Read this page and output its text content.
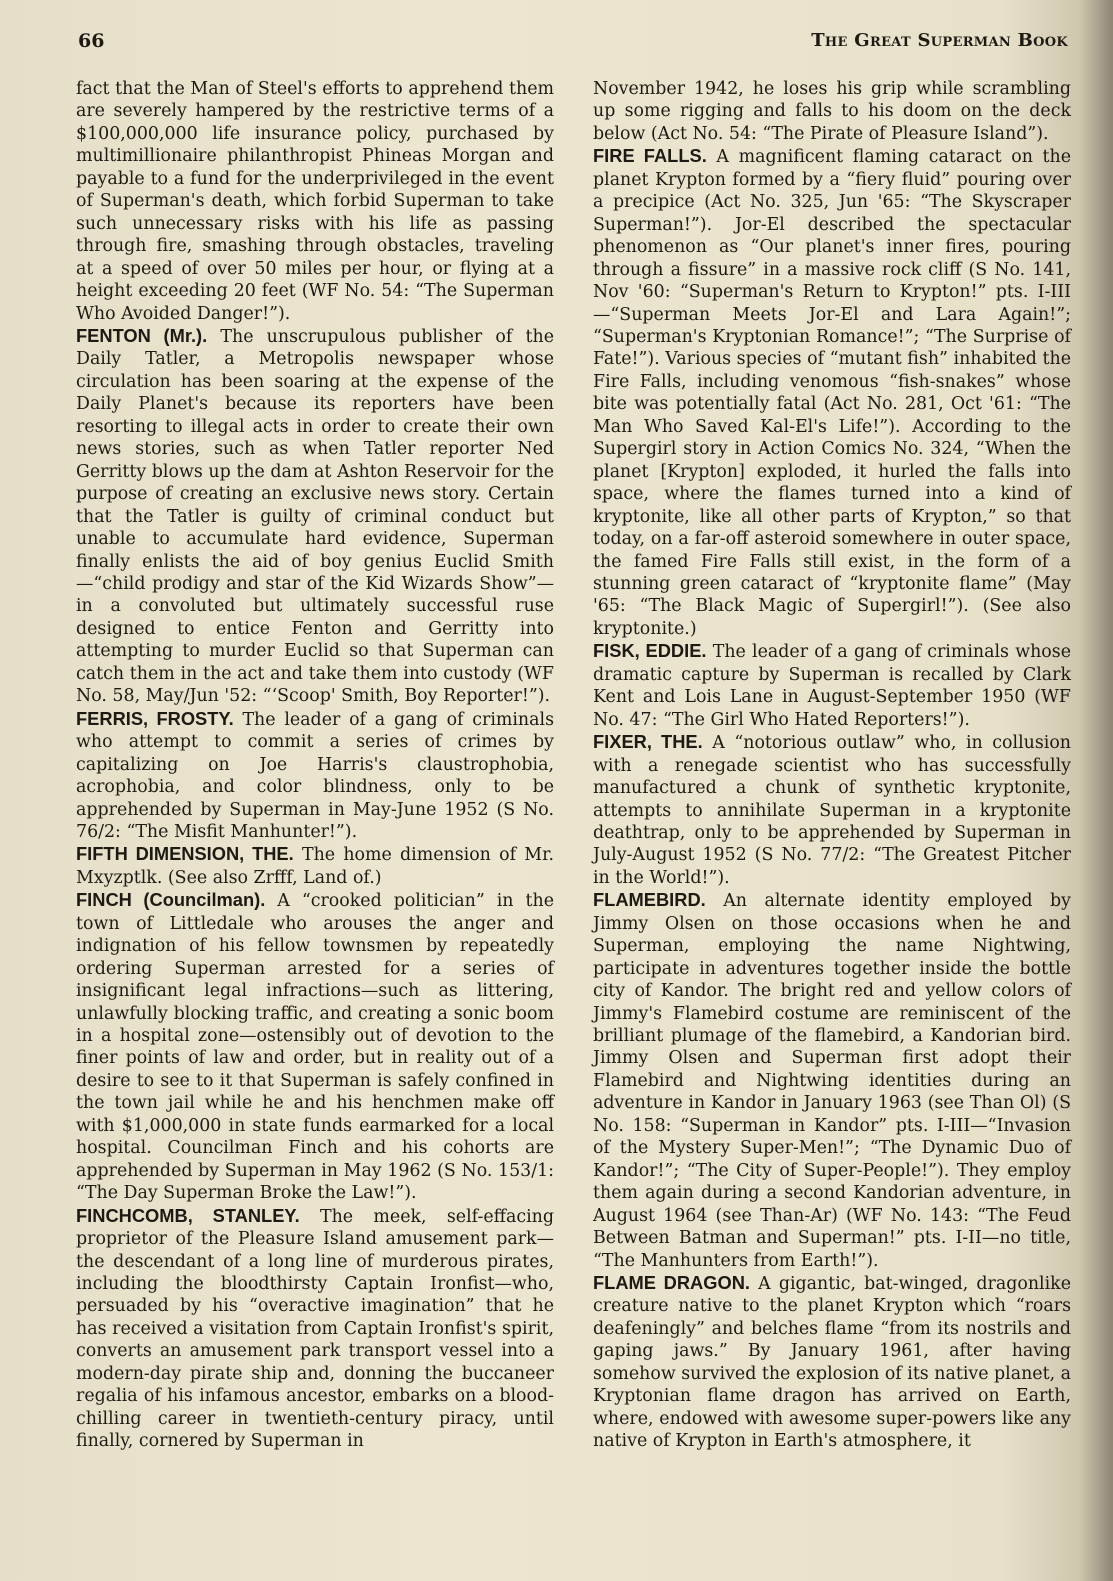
66	The Great Superman Book

fact that the Man of Steel's efforts to apprehend them are severely hampered by the restrictive terms of a $100,000,000 life insurance policy, purchased by multimillionaire philanthropist Phineas Morgan and payable to a fund for the underprivileged in the event of Superman's death, which forbid Superman to take such unnecessary risks with his life as passing through fire, smashing through obstacles, traveling at a speed of over 50 miles per hour, or flying at a height exceeding 20 feet (WF No. 54: “The Superman Who Avoided Danger!”).

FENTON (Mr.). The unscrupulous publisher of the Daily Tatler, a Metropolis newspaper whose circulation has been soaring at the expense of the Daily Planet's because its reporters have been resorting to illegal acts in order to create their own news stories, such as when Tatler reporter Ned Gerritty blows up the dam at Ashton Reservoir for the purpose of creating an exclusive news story. Certain that the Tatler is guilty of criminal conduct but unable to accumulate hard evidence, Superman finally enlists the aid of boy genius Euclid Smith—“child prodigy and star of the Kid Wizards Show”—in a convoluted but ultimately successful ruse designed to entice Fenton and Gerritty into attempting to murder Euclid so that Superman can catch them in the act and take them into custody (WF No. 58, May/Jun '52: “‘Scoop' Smith, Boy Reporter!”).

FERRIS, FROSTY. The leader of a gang of criminals who attempt to commit a series of crimes by capitalizing on Joe Harris's claustrophobia, acrophobia, and color blindness, only to be apprehended by Superman in May-June 1952 (S No. 76/2: “The Misfit Manhunter!”).

FIFTH DIMENSION, THE. The home dimension of Mr. Mxyzptlk. (See also Zrfff, Land of.)

FINCH (Councilman). A “crooked politician” in the town of Littledale who arouses the anger and indignation of his fellow townsmen by repeatedly ordering Superman arrested for a series of insignificant legal infractions—such as littering, unlawfully blocking traffic, and creating a sonic boom in a hospital zone—ostensibly out of devotion to the finer points of law and order, but in reality out of a desire to see to it that Superman is safely confined in the town jail while he and his henchmen make off with $1,000,000 in state funds earmarked for a local hospital. Councilman Finch and his cohorts are apprehended by Superman in May 1962 (S No. 153/1: “The Day Superman Broke the Law!”).

FINCHCOMB, STANLEY. The meek, self-effacing proprietor of the Pleasure Island amusement park—the descendant of a long line of murderous pirates, including the bloodthirsty Captain Ironfist—who, persuaded by his “overactive imagination” that he has received a visitation from Captain Ironfist's spirit, converts an amusement park transport vessel into a modern-day pirate ship and, donning the buccaneer regalia of his infamous ancestor, embarks on a blood-chilling career in twentieth-century piracy, until finally, cornered by Superman in

November 1942, he loses his grip while scrambling up some rigging and falls to his doom on the deck below (Act No. 54: “The Pirate of Pleasure Island”).

FIRE FALLS. A magnificent flaming cataract on the planet Krypton formed by a “fiery fluid” pouring over a precipice (Act No. 325, Jun '65: “The Skyscraper Superman!”). Jor-El described the spectacular phenomenon as “Our planet's inner fires, pouring through a fissure” in a massive rock cliff (S No. 141, Nov '60: “Superman's Return to Krypton!” pts. I-III—“Superman Meets Jor-El and Lara Again!”; “Superman's Kryptonian Romance!”; “The Surprise of Fate!”). Various species of “mutant fish” inhabited the Fire Falls, including venomous “fish-snakes” whose bite was potentially fatal (Act No. 281, Oct '61: “The Man Who Saved Kal-El's Life!”). According to the Supergirl story in Action Comics No. 324, “When the planet [Krypton] exploded, it hurled the falls into space, where the flames turned into a kind of kryptonite, like all other parts of Krypton,” so that today, on a far-off asteroid somewhere in outer space, the famed Fire Falls still exist, in the form of a stunning green cataract of “kryptonite flame” (May '65: “The Black Magic of Supergirl!”). (See also kryptonite.)

FISK, EDDIE. The leader of a gang of criminals whose dramatic capture by Superman is recalled by Clark Kent and Lois Lane in August-September 1950 (WF No. 47: “The Girl Who Hated Reporters!”).

FIXER, THE. A “notorious outlaw” who, in collusion with a renegade scientist who has successfully manufactured a chunk of synthetic kryptonite, attempts to annihilate Superman in a kryptonite deathtrap, only to be apprehended by Superman in July-August 1952 (S No. 77/2: “The Greatest Pitcher in the World!”).

FLAMEBIRD. An alternate identity employed by Jimmy Olsen on those occasions when he and Superman, employing the name Nightwing, participate in adventures together inside the bottle city of Kandor. The bright red and yellow colors of Jimmy's Flamebird costume are reminiscent of the brilliant plumage of the flamebird, a Kandorian bird. Jimmy Olsen and Superman first adopt their Flamebird and Nightwing identities during an adventure in Kandor in January 1963 (see Than Ol) (S No. 158: “Superman in Kandor” pts. I-III—“Invasion of the Mystery Super-Men!”; “The Dynamic Duo of Kandor!”; “The City of Super-People!”). They employ them again during a second Kandorian adventure, in August 1964 (see Than-Ar) (WF No. 143: “The Feud Between Batman and Superman!” pts. I-II—no title, “The Manhunters from Earth!”).

FLAME DRAGON. A gigantic, bat-winged, dragonlike creature native to the planet Krypton which “roars deafeningly” and belches flame “from its nostrils and gaping jaws.” By January 1961, after having somehow survived the explosion of its native planet, a Kryptonian flame dragon has arrived on Earth, where, endowed with awesome super-powers like any native of Krypton in Earth's atmosphere, it
